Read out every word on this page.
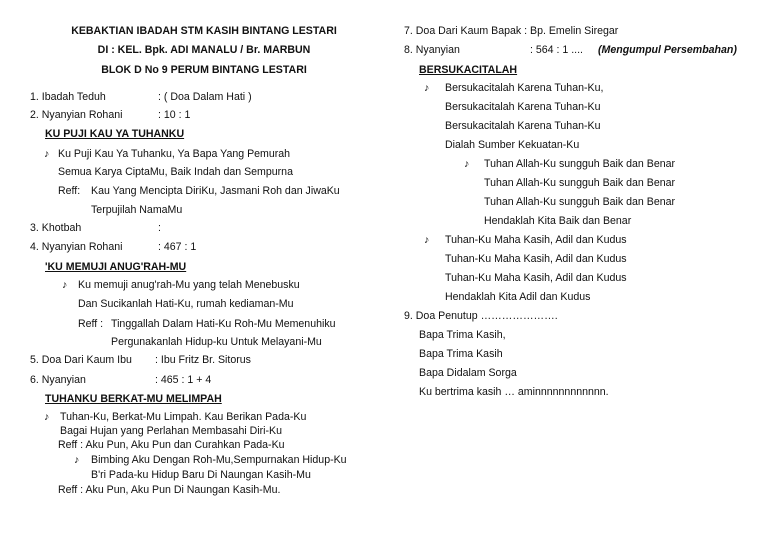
KEBAKTIAN IBADAH STM KASIH BINTANG LESTARI
DI : KEL. Bpk. ADI MANALU / Br. MARBUN
BLOK D No 9 PERUM BINTANG LESTARI
1. Ibadah Teduh	: ( Doa Dalam Hati )
2. Nyanyian Rohani	: 10 : 1
KU PUJI KAU YA TUHANKU
♪ Ku Puji Kau Ya Tuhanku, Ya Bapa Yang Pemurah
Semua Karya CiptaMu, Baik Indah dan Sempurna
Reff: Kau Yang Mencipta DiriKu, Jasmani Roh dan JiwaKu
Terpujilah NamaMu
3. Khotbah	:
4. Nyanyian Rohani	: 467 : 1
'KU MEMUJI ANUG'RAH-MU
♪ Ku memuji anug'rah-Mu yang telah Menebusku
Dan Sucikanlah Hati-Ku, rumah kediaman-Mu
Reff : Tinggallah Dalam Hati-Ku Roh-Mu Memenuhiku
Pergunakanlah Hidup-ku Untuk Melayani-Mu
5. Doa Dari Kaum Ibu : Ibu Fritz Br. Sitorus
6. Nyanyian	: 465 : 1 + 4
TUHANKU BERKAT-MU MELIMPAH
♪ Tuhan-Ku, Berkat-Mu Limpah. Kau Berikan Pada-Ku
Bagai Hujan yang Perlahan Membasahi Diri-Ku
Reff : Aku Pun, Aku Pun dan Curahkan Pada-Ku
♪ Bimbing Aku Dengan Roh-Mu,Sempurnakan Hidup-Ku
B'ri Pada-ku Hidup Baru Di Naungan Kasih-Mu
Reff : Aku Pun, Aku Pun Di Naungan Kasih-Mu.
7. Doa Dari Kaum Bapak : Bp. Emelin Siregar
8. Nyanyian	: 564 : 1 .... (Mengumpul Persembahan)
BERSUKACITALAH
♪ Bersukacitalah Karena Tuhan-Ku,
Bersukacitalah Karena Tuhan-Ku
Bersukacitalah Karena Tuhan-Ku
Dialah Sumber Kekuatan-Ku
♪ Tuhan Allah-Ku sungguh Baik dan Benar
Tuhan Allah-Ku sungguh Baik dan Benar
Tuhan Allah-Ku sungguh Baik dan Benar
Hendaklah Kita Baik dan Benar
♪ Tuhan-Ku Maha Kasih, Adil dan Kudus
Tuhan-Ku Maha Kasih, Adil dan Kudus
Tuhan-Ku Maha Kasih, Adil dan Kudus
Hendaklah Kita Adil dan Kudus
9. Doa Penutup ………………….
Bapa Trima Kasih,
Bapa Trima Kasih
Bapa Didalam Sorga
Ku bertrima kasih … aminnnnnnnnnnnn.
